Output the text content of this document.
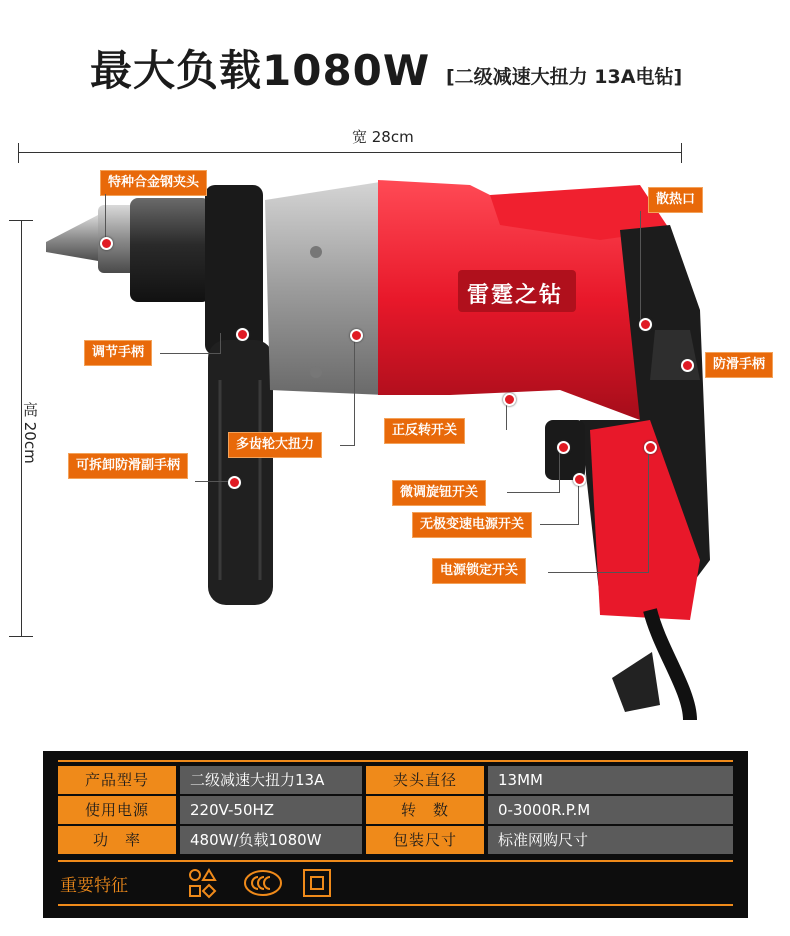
最大负载1080W [二级减速大扭力 13A电钻]
宽 28cm
高 20cm
雷霆之钻
特种合金钢夹头
调节手柄
可拆卸防滑副手柄
多齿轮大扭力
散热口
防滑手柄
正反转开关
微调旋钮开关
无极变速电源开关
电源锁定开关
产品型号	二级减速大扭力13A	夹头直径	13MM
使用电源	220V-50HZ	转　数	0-3000R.P.M
功　率	480W/负载1080W	包装尺寸	标准网购尺寸
重要特征
